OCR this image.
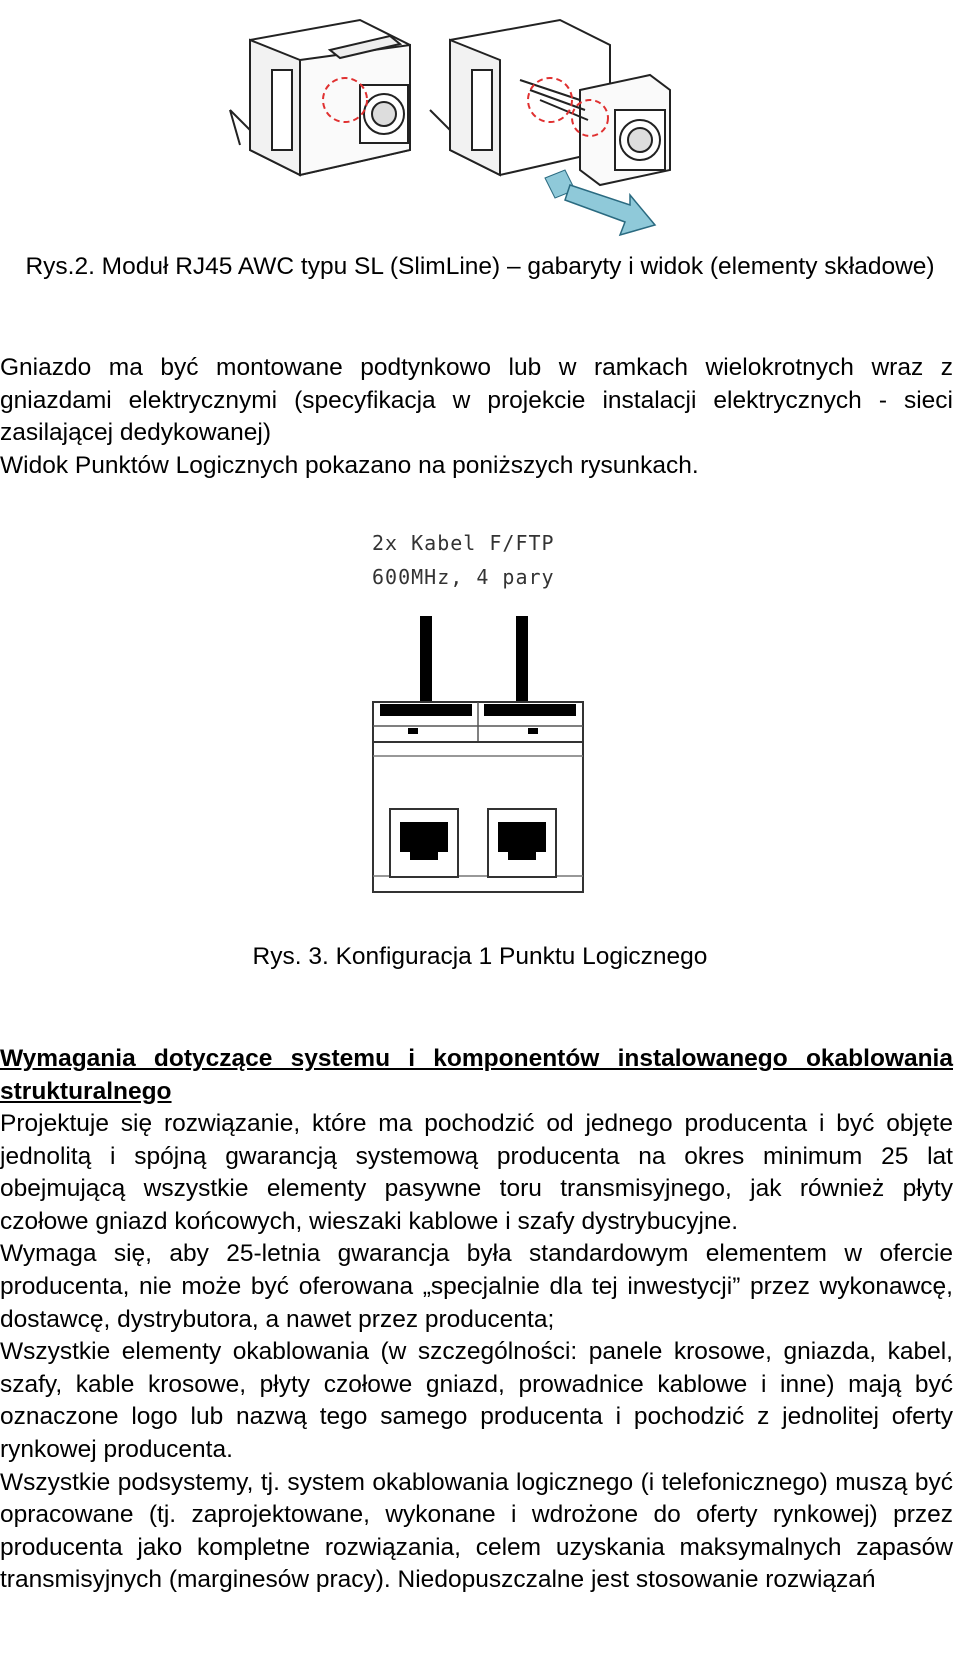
Rys.2. Moduł RJ45 AWC typu SL (SlimLine) – gabaryty i widok (elementy składowe)
Gniazdo ma być montowane podtynkowo lub w ramkach wielokrotnych wraz z gniazdami elektrycznymi (specyfikacja w projekcie instalacji elektrycznych - sieci zasilającej dedykowanej)
Widok Punktów Logicznych pokazano na poniższych rysunkach.
2x Kabel F/FTP
600MHz, 4 pary
Rys. 3. Konfiguracja 1 Punktu Logicznego
Wymagania dotyczące systemu i komponentów instalowanego okablowania strukturalnego

Projektuje się rozwiązanie, które ma pochodzić od jednego producenta i być objęte jednolitą i spójną gwarancją systemową producenta na okres minimum 25 lat obejmującą wszystkie elementy pasywne toru transmisyjnego, jak również płyty czołowe gniazd końcowych, wieszaki kablowe i szafy dystrybucyjne.

Wymaga się, aby 25-letnia gwarancja była standardowym elementem w ofercie producenta, nie może być oferowana „specjalnie dla tej inwestycji” przez wykonawcę, dostawcę, dystrybutora, a nawet przez producenta;

Wszystkie elementy okablowania (w szczególności: panele krosowe, gniazda, kabel, szafy, kable krosowe, płyty czołowe gniazd, prowadnice kablowe i inne) mają być oznaczone logo lub nazwą tego samego producenta i pochodzić z jednolitej oferty rynkowej producenta.

Wszystkie podsystemy, tj. system okablowania logicznego (i telefonicznego) muszą być opracowane (tj. zaprojektowane, wykonane i wdrożone do oferty rynkowej) przez producenta jako kompletne rozwiązania, celem uzyskania maksymalnych zapasów transmisyjnych (marginesów pracy). Niedopuszczalne jest stosowanie rozwiązań
